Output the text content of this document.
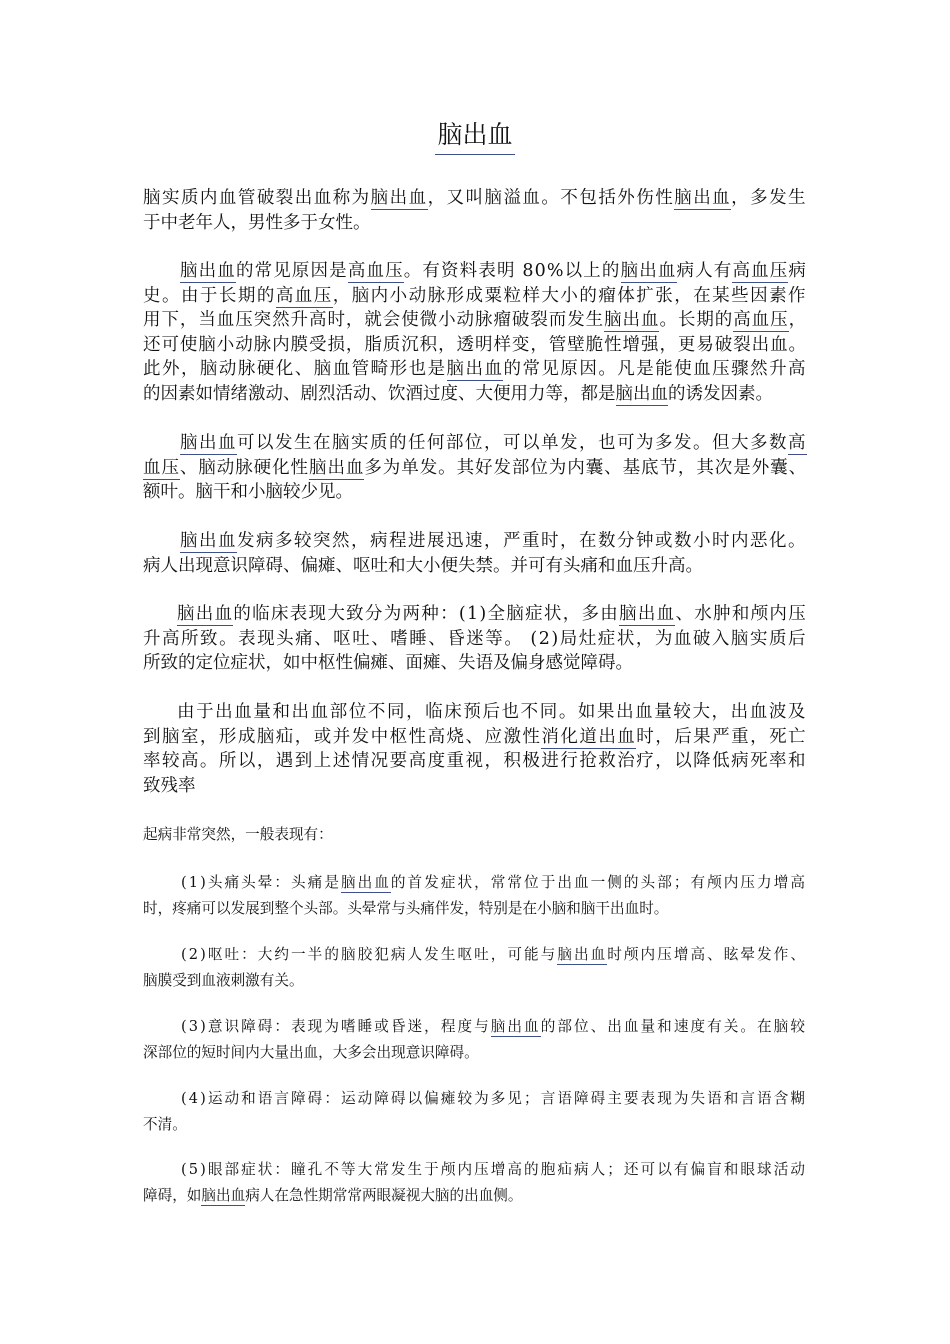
脑出血
脑实质内血管破裂出血称为脑出血，又叫脑溢血。不包括外伤性脑出血，多发生
于中老年人，男性多于女性。
脑出血的常见原因是高血压。有资料表明 80%以上的脑出血病人有高血压病
史。由于长期的高血压，脑内小动脉形成粟粒样大小的瘤体扩张，在某些因素作
用下，当血压突然升高时，就会使微小动脉瘤破裂而发生脑出血。长期的高血压，
还可使脑小动脉内膜受损，脂质沉积，透明样变，管壁脆性增强，更易破裂出血。
此外，脑动脉硬化、脑血管畸形也是脑出血的常见原因。凡是能使血压骤然升高
的因素如情绪激动、剧烈活动、饮酒过度、大便用力等，都是脑出血的诱发因素。
脑出血可以发生在脑实质的任何部位，可以单发，也可为多发。但大多数高
血压、脑动脉硬化性脑出血多为单发。其好发部位为内囊、基底节，其次是外囊、
额叶。脑干和小脑较少见。
脑出血发病多较突然，病程进展迅速，严重时，在数分钟或数小时内恶化。
病人出现意识障碍、偏瘫、呕吐和大小便失禁。并可有头痛和血压升高。
脑出血的临床表现大致分为两种：(1)全脑症状，多由脑出血、水肿和颅内压
升高所致。表现头痛、呕吐、嗜睡、昏迷等。 (2)局灶症状，为血破入脑实质后
所致的定位症状，如中枢性偏瘫、面瘫、失语及偏身感觉障碍。
由于出血量和出血部位不同，临床预后也不同。如果出血量较大，出血波及
到脑室，形成脑疝，或并发中枢性高烧、应激性消化道出血时，后果严重，死亡
率较高。所以，遇到上述情况要高度重视，积极进行抢救治疗，以降低病死率和
致残率
起病非常突然，一般表现有：
(1)头痛头晕：头痛是脑出血的首发症状，常常位于出血一侧的头部；有颅内压力增高
时，疼痛可以发展到整个头部。头晕常与头痛伴发，特别是在小脑和脑干出血时。
(2)呕吐：大约一半的脑胶犯病人发生呕吐，可能与脑出血时颅内压增高、眩晕发作、
脑膜受到血液刺激有关。
(3)意识障碍：表现为嗜睡或昏迷，程度与脑出血的部位、出血量和速度有关。在脑较
深部位的短时间内大量出血，大多会出现意识障碍。
(4)运动和语言障碍：运动障碍以偏瘫较为多见；言语障碍主要表现为失语和言语含糊
不清。
(5)眼部症状：瞳孔不等大常发生于颅内压增高的胞疝病人；还可以有偏盲和眼球活动
障碍，如脑出血病人在急性期常常两眼凝视大脑的出血侧。
